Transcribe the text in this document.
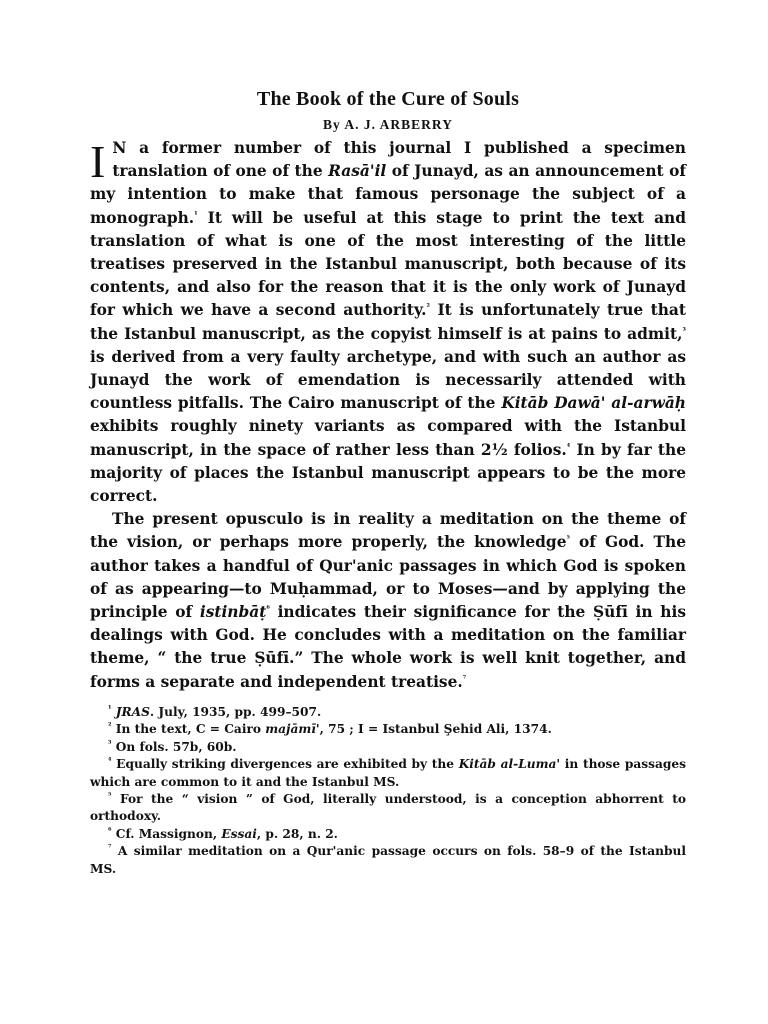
The Book of the Cure of Souls
By A. J. ARBERRY

I N a former number of this journal I published a specimen translation of one of the Rasā'il of Junayd, as an announcement of my intention to make that famous personage the subject of a monograph.$^{^1}$ It will be useful at this stage to print the text and translation of what is one of the most interesting of the little treatises preserved in the Istanbul manuscript, both because of its contents, and also for the reason that it is the only work of Junayd for which we have a second authority.$^{^2}$ It is unfortunately true that the Istanbul manuscript, as the copyist himself is at pains to admit,$^{^3}$ is derived from a very faulty archetype, and with such an author as Junayd the work of emendation is necessarily attended with countless pitfalls. The Cairo manuscript of the Kitāb Dawā' al-arwāḥ exhibits roughly ninety variants as compared with the Istanbul manuscript, in the space of rather less than 2½ folios.$^{^4}$ In by far the majority of places the Istanbul manuscript appears to be the more correct.

The present opusculo is in reality a meditation on the theme of the vision, or perhaps more properly, the knowledge$^{^5}$ of God. The author takes a handful of Qur'anic passages in which God is spoken of as appearing—to Muḥammad, or to Moses—and by applying the principle of istinbāṭ$^{^6}$ indicates their significance for the Ṣūfī in his dealings with God. He concludes with a meditation on the familiar theme, “ the true Ṣūfī.” The whole work is well knit together, and forms a separate and independent treatise.$^{^7}$

$^{^1}$ JRAS. July, 1935, pp. 499–507.

$^{^2}$ In the text, C = Cairo majāmī', 75 ; I = Istanbul Şehid Ali, 1374.

$^{^3}$ On fols. 57b, 60b.

$^{^4}$ Equally striking divergences are exhibited by the Kitāb al-Luma' in those passages which are common to it and the Istanbul MS.

$^{^5}$ For the “ vision ” of God, literally understood, is a conception abhorrent to orthodoxy.

$^{^6}$ Cf. Massignon, Essai, p. 28, n. 2.

$^{^7}$ A similar meditation on a Qur'anic passage occurs on fols. 58–9 of the Istanbul MS.
